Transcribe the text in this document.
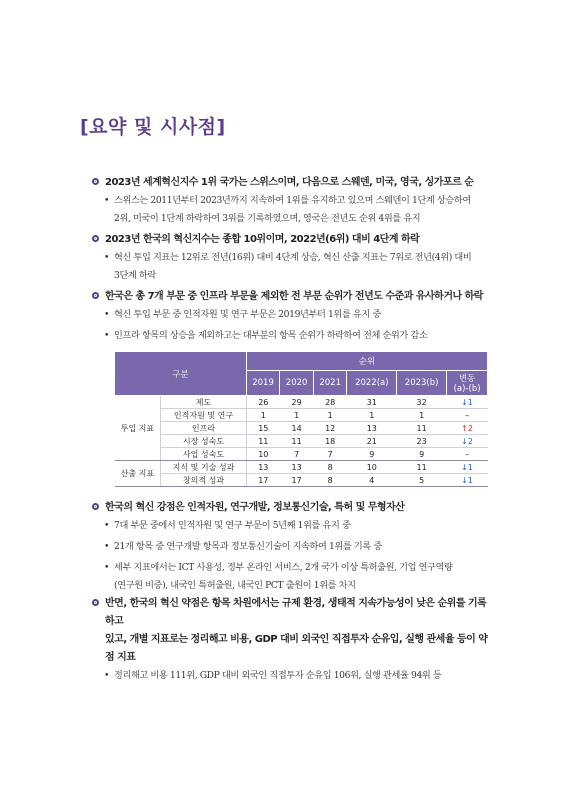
[요약 및 시사점]
2023년 세계혁신지수 1위 국가는 스위스이며, 다음으로 스웨덴, 미국, 영국, 싱가포르 순
• 스위스는 2011년부터 2023년까지 지속하여 1위를 유지하고 있으며 스웨덴이 1단계 상승하여
2위, 미국이 1단계 하락하여 3위를 기록하였으며, 영국은 전년도 순위 4위를 유지
2023년 한국의 혁신지수는 종합 10위이며, 2022년(6위) 대비 4단계 하락
• 혁신 투입 지표는 12위로 전년(16위) 대비 4단계 상승, 혁신 산출 지표는 7위로 전년(4위) 대비
3단계 하락
한국은 총 7개 부문 중 인프라 부문을 제외한 전 부문 순위가 전년도 수준과 유사하거나 하락
• 혁신 투입 부문 중 인적자원 및 연구 부문은 2019년부터 1위를 유지 중
• 인프라 항목의 상승을 제외하고는 대부분의 항목 순위가 하락하여 전체 순위가 감소
구분		순위					
		2019	2020	2021	2022(a)	2023(b)	변동
(a)-(b)
투입 지표	제도	26	29	28	31	32	↓1
	인적자원 및 연구	1	1	1	1	1	–
	인프라	15	14	12	13	11	↑2
	시장 성숙도	11	11	18	21	23	↓2
	사업 성숙도	10	7	7	9	9	–
산출 지표	지식 및 기술 성과	13	13	8	10	11	↓1
	창의적 성과	17	17	8	4	5	↓1
한국의 혁신 강점은 인적자원, 연구개발, 정보통신기술, 특허 및 무형자산
• 7대 부문 중에서 인적자원 및 연구 부문이 5년째 1위를 유지 중
• 21개 항목 중 연구개발 항목과 정보통신기술이 지속하여 1위를 기록 중
• 세부 지표에서는 ICT 사용성, 정부 온라인 서비스, 2개 국가 이상 특허출원, 기업 연구역량
(연구원 비중), 내국인 특허출원, 내국인 PCT 출원이 1위를 차지
반면, 한국의 혁신 약점은 항목 차원에서는 규제 환경, 생태적 지속가능성이 낮은 순위를 기록하고
있고, 개별 지표로는 정리해고 비용, GDP 대비 외국인 직접투자 순유입, 실행 관세율 등이 약점 지표
• 정리해고 비용 111위, GDP 대비 외국인 직접투자 순유입 106위, 실행 관세율 94위 등
